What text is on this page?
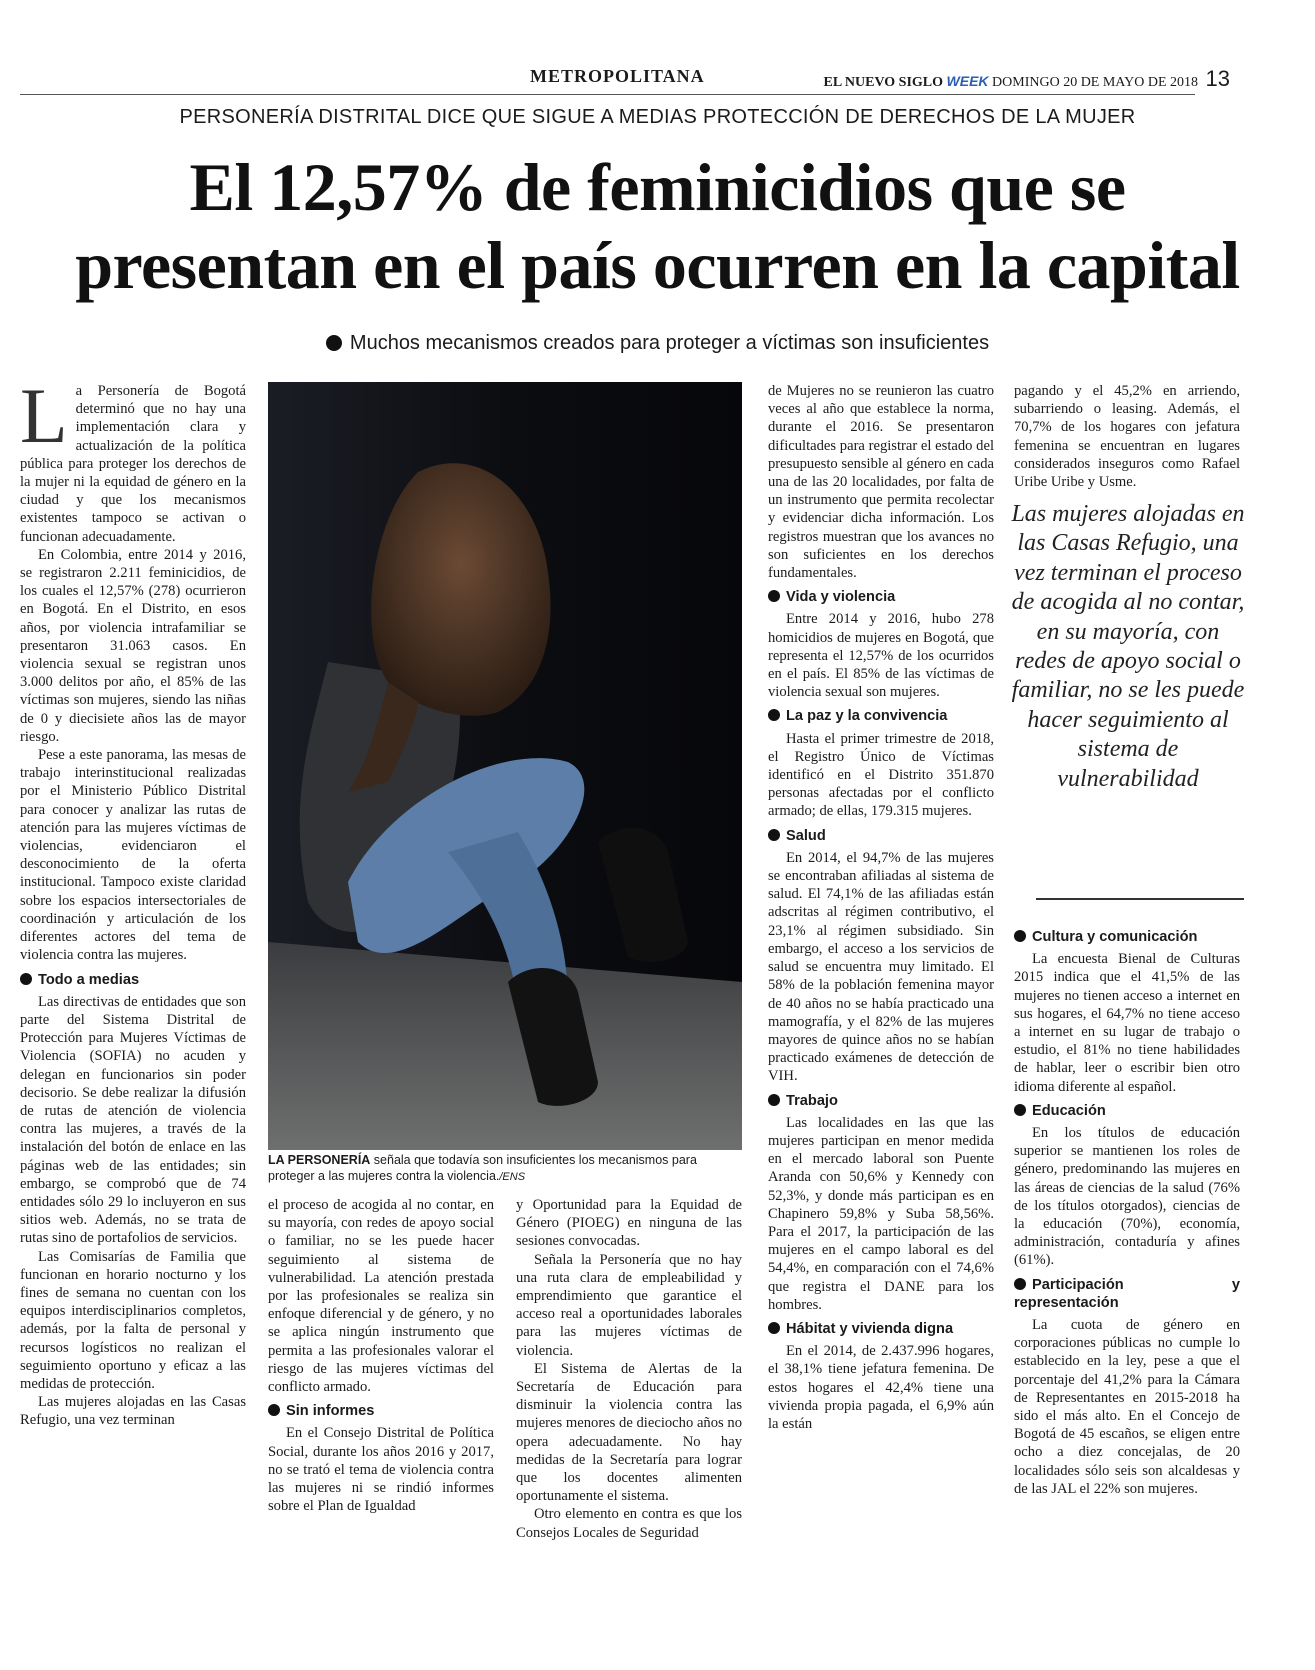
METROPOLITANA	EL NUEVO SIGLO WEEK DOMINGO 20 DE MAYO DE 2018 13
PERSONERÍA DISTRITAL DICE QUE SIGUE A MEDIAS PROTECCIÓN DE DERECHOS DE LA MUJER
El 12,57% de feminicidios que se
presentan en el país ocurren en la capital
Muchos mecanismos creados para proteger a víctimas son insuficientes

La Personería de Bogotá determinó que no hay una implementación clara y actualización de la política pública para proteger los derechos de la mujer ni la equidad de género en la ciudad y que los mecanismos existentes tampoco se activan o funcionan adecuadamente.

En Colombia, entre 2014 y 2016, se registraron 2.211 feminicidios, de los cuales el 12,57% (278) ocurrieron en Bogotá. En el Distrito, en esos años, por violencia intrafamiliar se presentaron 31.063 casos. En violencia sexual se registran unos 3.000 delitos por año, el 85% de las víctimas son mujeres, siendo las niñas de 0 y diecisiete años las de mayor riesgo.

Pese a este panorama, las mesas de trabajo interinstitucional realizadas por el Ministerio Público Distrital para conocer y analizar las rutas de atención para las mujeres víctimas de violencias, evidenciaron el desconocimiento de la oferta institucional. Tampoco existe claridad sobre los espacios intersectoriales de coordinación y articulación de los diferentes actores del tema de violencia contra las mujeres.

Todo a medias

Las directivas de entidades que son parte del Sistema Distrital de Protección para Mujeres Víctimas de Violencia (SOFIA) no acuden y delegan en funcionarios sin poder decisorio. Se debe realizar la difusión de rutas de atención de violencia contra las mujeres, a través de la instalación del botón de enlace en las páginas web de las entidades; sin embargo, se comprobó que de 74 entidades sólo 29 lo incluyeron en sus sitios web. Además, no se trata de rutas sino de portafolios de servicios.

Las Comisarías de Familia que funcionan en horario nocturno y los fines de semana no cuentan con los equipos interdisciplinarios completos, además, por la falta de personal y recursos logísticos no realizan el seguimiento oportuno y eficaz a las medidas de protección.

Las mujeres alojadas en las Casas Refugio, una vez terminan

LA PERSONERÍA señala que todavía son insuficientes los mecanismos para proteger a las mujeres contra la violencia./ENS

el proceso de acogida al no contar, en su mayoría, con redes de apoyo social o familiar, no se les puede hacer seguimiento al sistema de vulnerabilidad. La atención prestada por las profesionales se realiza sin enfoque diferencial y de género, y no se aplica ningún instrumento que permita a las profesionales valorar el riesgo de las mujeres víctimas del conflicto armado.

Sin informes

En el Consejo Distrital de Política Social, durante los años 2016 y 2017, no se trató el tema de violencia contra las mujeres ni se rindió informes sobre el Plan de Igualdad

y Oportunidad para la Equidad de Género (PIOEG) en ninguna de las sesiones convocadas.

Señala la Personería que no hay una ruta clara de empleabilidad y emprendimiento que garantice el acceso real a oportunidades laborales para las mujeres víctimas de violencia.

El Sistema de Alertas de la Secretaría de Educación para disminuir la violencia contra las mujeres menores de dieciocho años no opera adecuadamente. No hay medidas de la Secretaría para lograr que los docentes alimenten oportunamente el sistema.

Otro elemento en contra es que los Consejos Locales de Seguridad

de Mujeres no se reunieron las cuatro veces al año que establece la norma, durante el 2016. Se presentaron dificultades para registrar el estado del presupuesto sensible al género en cada una de las 20 localidades, por falta de un instrumento que permita recolectar y evidenciar dicha información. Los registros muestran que los avances no son suficientes en los derechos fundamentales.

Vida y violencia

Entre 2014 y 2016, hubo 278 homicidios de mujeres en Bogotá, que representa el 12,57% de los ocurridos en el país. El 85% de las víctimas de violencia sexual son mujeres.

La paz y la convivencia

Hasta el primer trimestre de 2018, el Registro Único de Víctimas identificó en el Distrito 351.870 personas afectadas por el conflicto armado; de ellas, 179.315 mujeres.

Salud

En 2014, el 94,7% de las mujeres se encontraban afiliadas al sistema de salud. El 74,1% de las afiliadas están adscritas al régimen contributivo, el 23,1% al régimen subsidiado. Sin embargo, el acceso a los servicios de salud se encuentra muy limitado. El 58% de la población femenina mayor de 40 años no se había practicado una mamografía, y el 82% de las mujeres mayores de quince años no se habían practicado exámenes de detección de VIH.

Trabajo

Las localidades en las que las mujeres participan en menor medida en el mercado laboral son Puente Aranda con 50,6% y Kennedy con 52,3%, y donde más participan es en Chapinero 59,8% y Suba 58,56%. Para el 2017, la participación de las mujeres en el campo laboral es del 54,4%, en comparación con el 74,6% que registra el DANE para los hombres.

Hábitat y vivienda digna

En el 2014, de 2.437.996 hogares, el 38,1% tiene jefatura femenina. De estos hogares el 42,4% tiene una vivienda propia pagada, el 6,9% aún la están

pagando y el 45,2% en arriendo, subarriendo o leasing. Además, el 70,7% de los hogares con jefatura femenina se encuentran en lugares considerados inseguros como Rafael Uribe Uribe y Usme.

Las mujeres alojadas en las Casas Refugio, una vez terminan el proceso de acogida al no contar, en su mayoría, con redes de apoyo social o familiar, no se les puede hacer seguimiento al sistema de vulnerabilidad
Cultura y comunicación

La encuesta Bienal de Culturas 2015 indica que el 41,5% de las mujeres no tienen acceso a internet en sus hogares, el 64,7% no tiene acceso a internet en su lugar de trabajo o estudio, el 81% no tiene habilidades de hablar, leer o escribir bien otro idioma diferente al español.

Educación

En los títulos de educación superior se mantienen los roles de género, predominando las mujeres en las áreas de ciencias de la salud (76% de los títulos otorgados), ciencias de la educación (70%), economía, administración, contaduría y afines (61%).

Participación y representación

La cuota de género en corporaciones públicas no cumple lo establecido en la ley, pese a que el porcentaje del 41,2% para la Cámara de Representantes en 2015-2018 ha sido el más alto. En el Concejo de Bogotá de 45 escaños, se eligen entre ocho a diez concejalas, de 20 localidades sólo seis son alcaldesas y de las JAL el 22% son mujeres.
